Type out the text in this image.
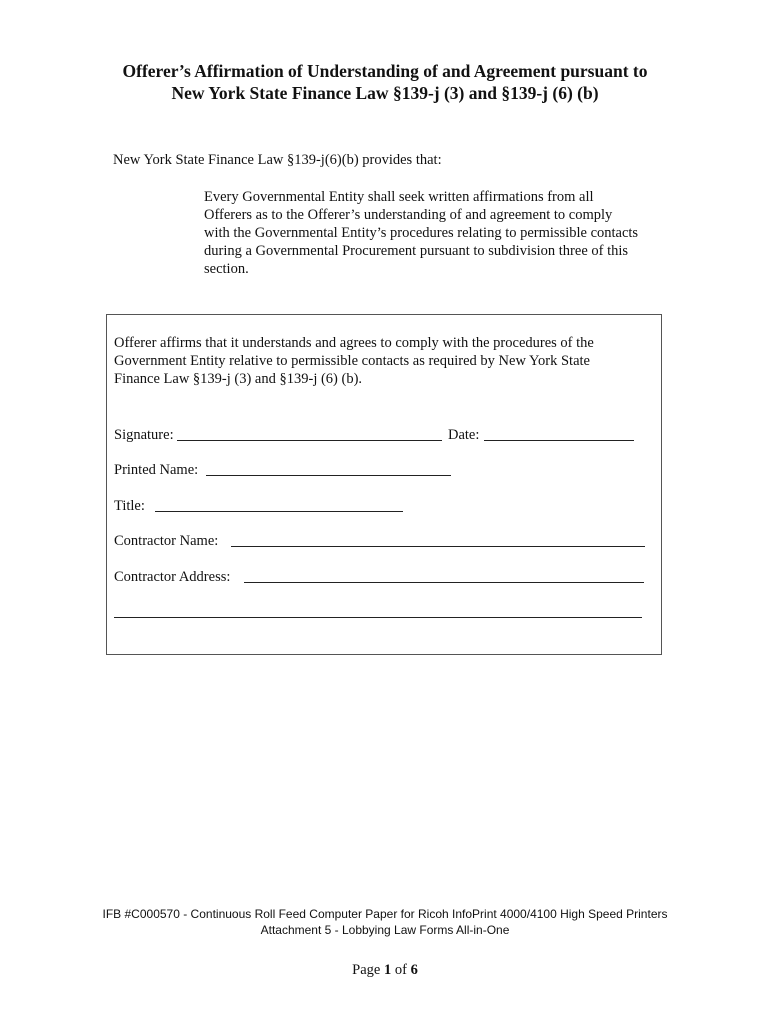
Offerer’s Affirmation of Understanding of and Agreement pursuant to
New York State Finance Law §139-j (3) and §139-j (6) (b)
New York State Finance Law §139-j(6)(b) provides that:
Every Governmental Entity shall seek written affirmations from all
Offerers as to the Offerer’s understanding of and agreement to comply
with the Governmental Entity’s procedures relating to permissible contacts
during a Governmental Procurement pursuant to subdivision three of this
section.
Offerer affirms that it understands and agrees to comply with the procedures of the
Government Entity relative to permissible contacts as required by New York State
Finance Law §139-j (3) and §139-j (6) (b).
Signature:	Date:
Printed Name:
Title:
Contractor Name:
Contractor Address:
IFB #C000570 - Continuous Roll Feed Computer Paper for Ricoh InfoPrint 4000/4100 High Speed Printers
Attachment 5 - Lobbying Law Forms All-in-One
Page 1 of 6
